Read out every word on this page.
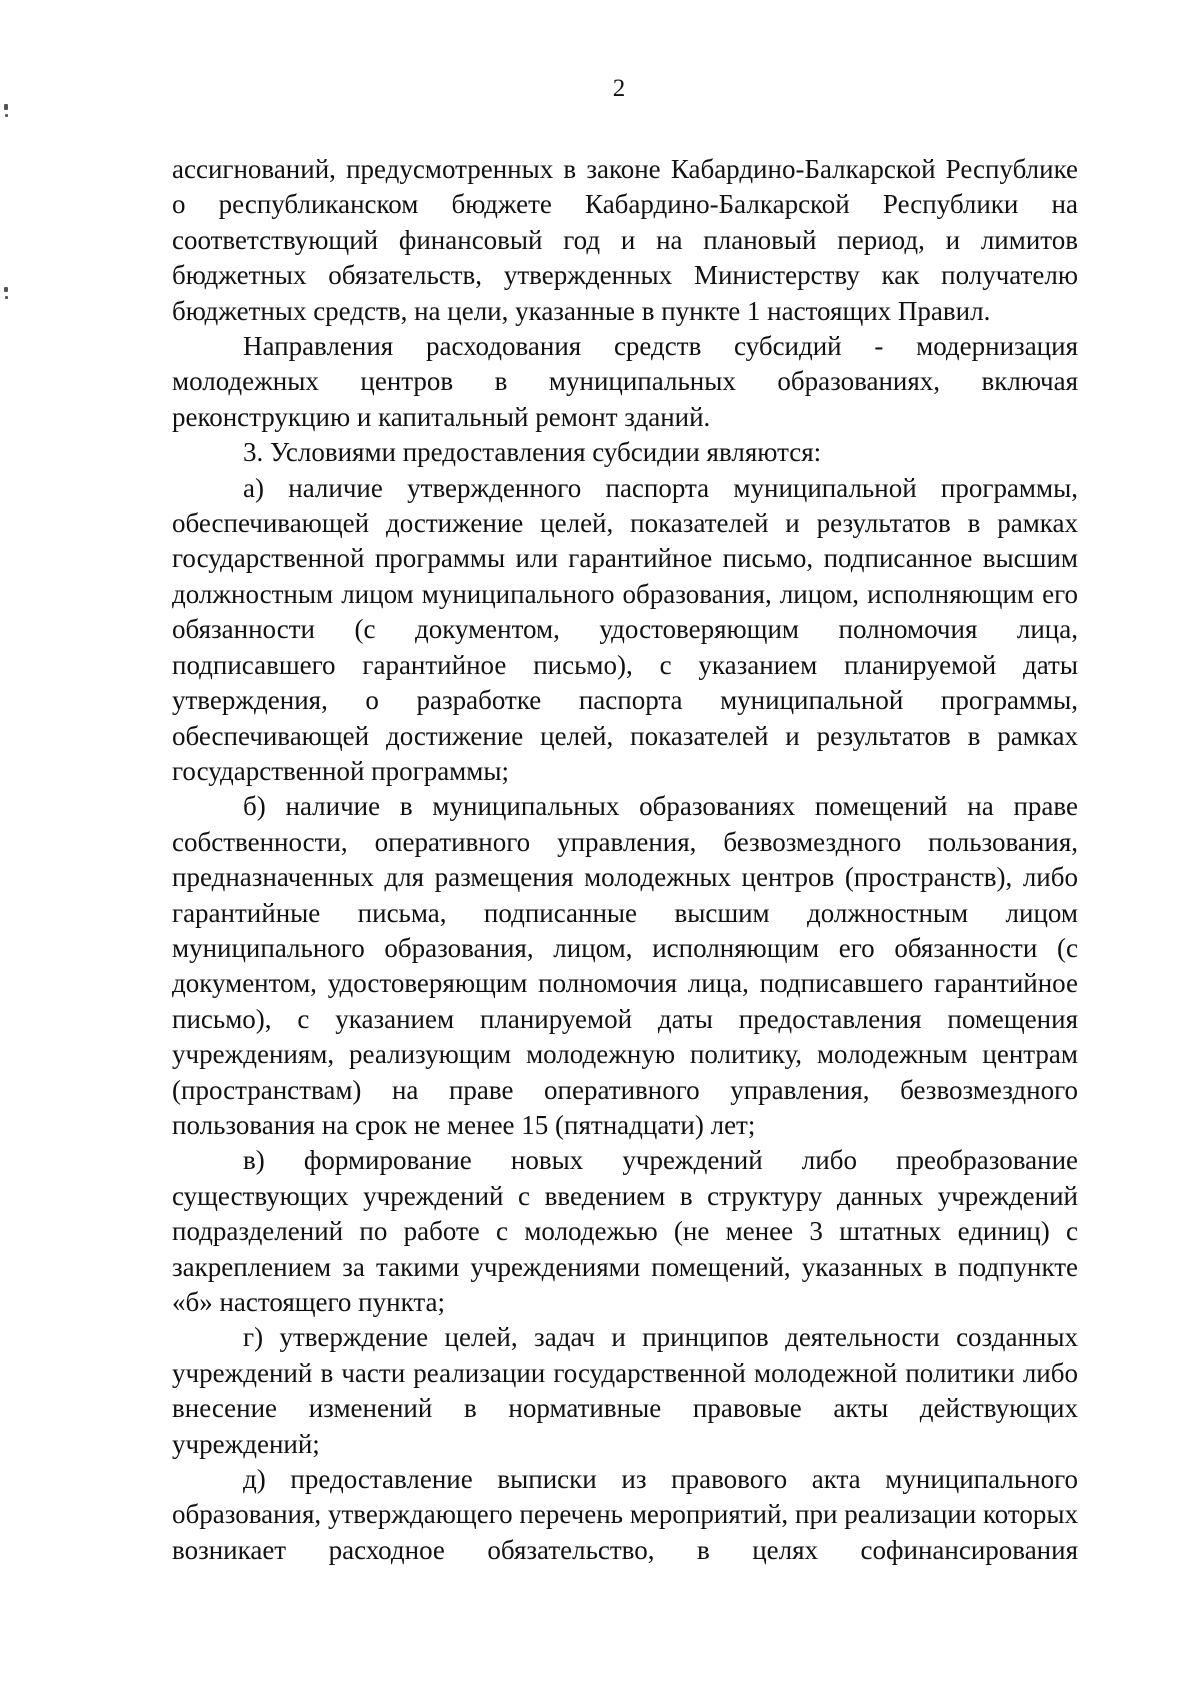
2

ассигнований, предусмотренных в законе Кабардино-Балкарской Республике о республиканском бюджете Кабардино-Балкарской Республики на соответствующий финансовый год и на плановый период, и лимитов бюджетных обязательств, утвержденных Министерству как получателю бюджетных средств, на цели, указанные в пункте 1 настоящих Правил.

Направления расходования средств субсидий - модернизация молодежных центров в муниципальных образованиях, включая реконструкцию и капитальный ремонт зданий.

3. Условиями предоставления субсидии являются:

а) наличие утвержденного паспорта муниципальной программы, обеспечивающей достижение целей, показателей и результатов в рамках государственной программы или гарантийное письмо, подписанное высшим должностным лицом муниципального образования, лицом, исполняющим его обязанности (с документом, удостоверяющим полномочия лица, подписавшего гарантийное письмо), с указанием планируемой даты утверждения, о разработке паспорта муниципальной программы, обеспечивающей достижение целей, показателей и результатов в рамках государственной программы;

б) наличие в муниципальных образованиях помещений на праве собственности, оперативного управления, безвозмездного пользования, предназначенных для размещения молодежных центров (пространств), либо гарантийные письма, подписанные высшим должностным лицом муниципального образования, лицом, исполняющим его обязанности (с документом, удостоверяющим полномочия лица, подписавшего гарантийное письмо), с указанием планируемой даты предоставления помещения учреждениям, реализующим молодежную политику, молодежным центрам (пространствам) на праве оперативного управления, безвозмездного пользования на срок не менее 15 (пятнадцати) лет;

в) формирование новых учреждений либо преобразование существующих учреждений с введением в структуру данных учреждений подразделений по работе с молодежью (не менее 3 штатных единиц) с закреплением за такими учреждениями помещений, указанных в подпункте «б» настоящего пункта;

г) утверждение целей, задач и принципов деятельности созданных учреждений в части реализации государственной молодежной политики либо внесение изменений в нормативные правовые акты действующих учреждений;

д) предоставление выписки из правового акта муниципального образования, утверждающего перечень мероприятий, при реализации которых возникает расходное обязательство, в целях софинансирования
